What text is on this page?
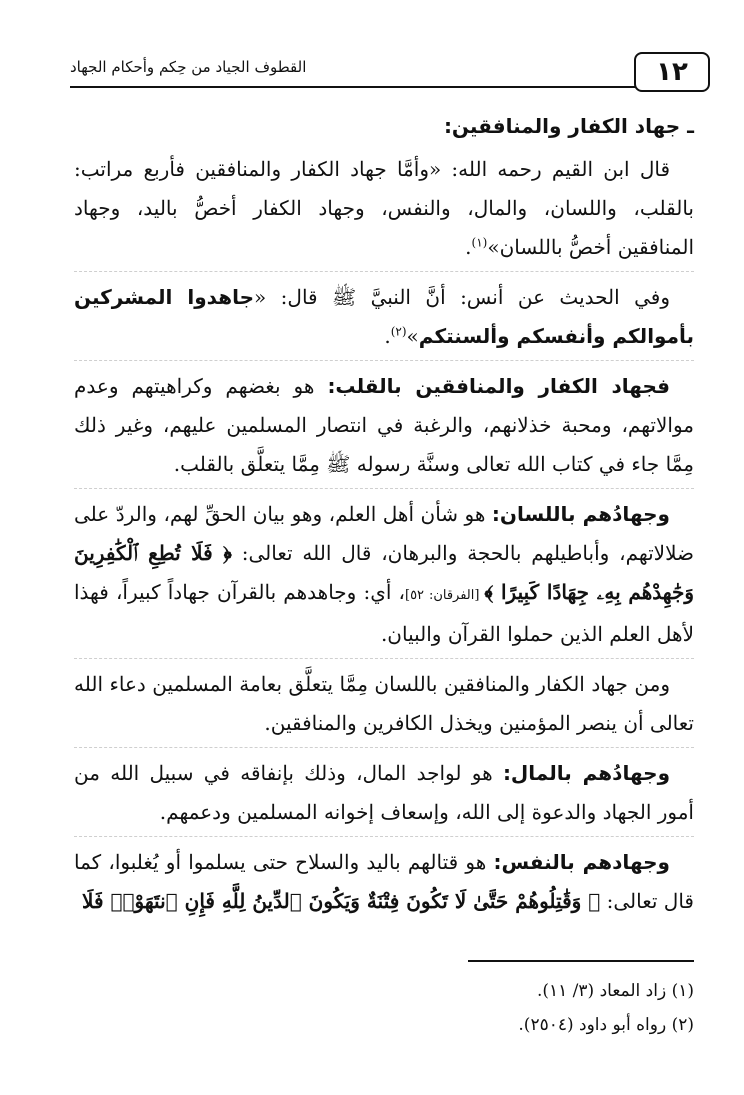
القطوف الجياد من حِكم وأحكام الجهاد	١٢
ـ جهاد الكفار والمنافقين:

قال ابن القيم رحمه الله: «وأمَّا جهاد الكفار والمنافقين فأربع مراتب: بالقلب، واللسان، والمال، والنفس، وجهاد الكفار أخصُّ باليد، وجهاد المنافقين أخصُّ باللسان»$^{(١)}$.

وفي الحديث عن أنس: أنَّ النبيَّ ﷺ قال: «جاهدوا المشركين بأموالكم وأنفسكم وألسنتكم»$^{(٢)}$.

فجهاد الكفار والمنافقين بالقلب: هو بغضهم وكراهيتهم وعدم موالاتهم، ومحبة خذلانهم، والرغبة في انتصار المسلمين عليهم، وغير ذلك مِمَّا جاء في كتاب الله تعالى وسنَّة رسوله ﷺ مِمَّا يتعلَّق بالقلب.

وجهادُهم باللسان: هو شأن أهل العلم، وهو بيان الحقِّ لهم، والردّ على ضلالاتهم، وأباطيلهم بالحجة والبرهان، قال الله تعالى: ﴿ فَلَا تُطِعِ ٱلْكَٰفِرِينَ وَجَٰهِدْهُم بِهِۦ جِهَادًا كَبِيرًا ﴾ [الفرقان: ٥٢]، أي: وجاهدهم بالقرآن جهاداً كبيراً، فهذا لأهل العلم الذين حملوا القرآن والبيان.

ومن جهاد الكفار والمنافقين باللسان مِمَّا يتعلَّق بعامة المسلمين دعاء الله تعالى أن ينصر المؤمنين ويخذل الكافرين والمنافقين.

وجهادُهم بالمال: هو لواجد المال، وذلك بإنفاقه في سبيل الله من أمور الجهاد والدعوة إلى الله، وإسعاف إخوانه المسلمين ودعمهم.

وجهادهم بالنفس: هو قتالهم باليد والسلاح حتى يسلموا أو يُغلبوا، كما قال تعالى: ﴿ وَقَٰتِلُوهُمْ حَتَّىٰ لَا تَكُونَ فِتْنَةٌ وَيَكُونَ ٱلدِّينُ لِلَّهِ فَإِنِ ٱنتَهَوْا۟ فَلَا

(١) زاد المعاد (٣/ ١١).

(٢) رواه أبو داود (٢٥٠٤).
